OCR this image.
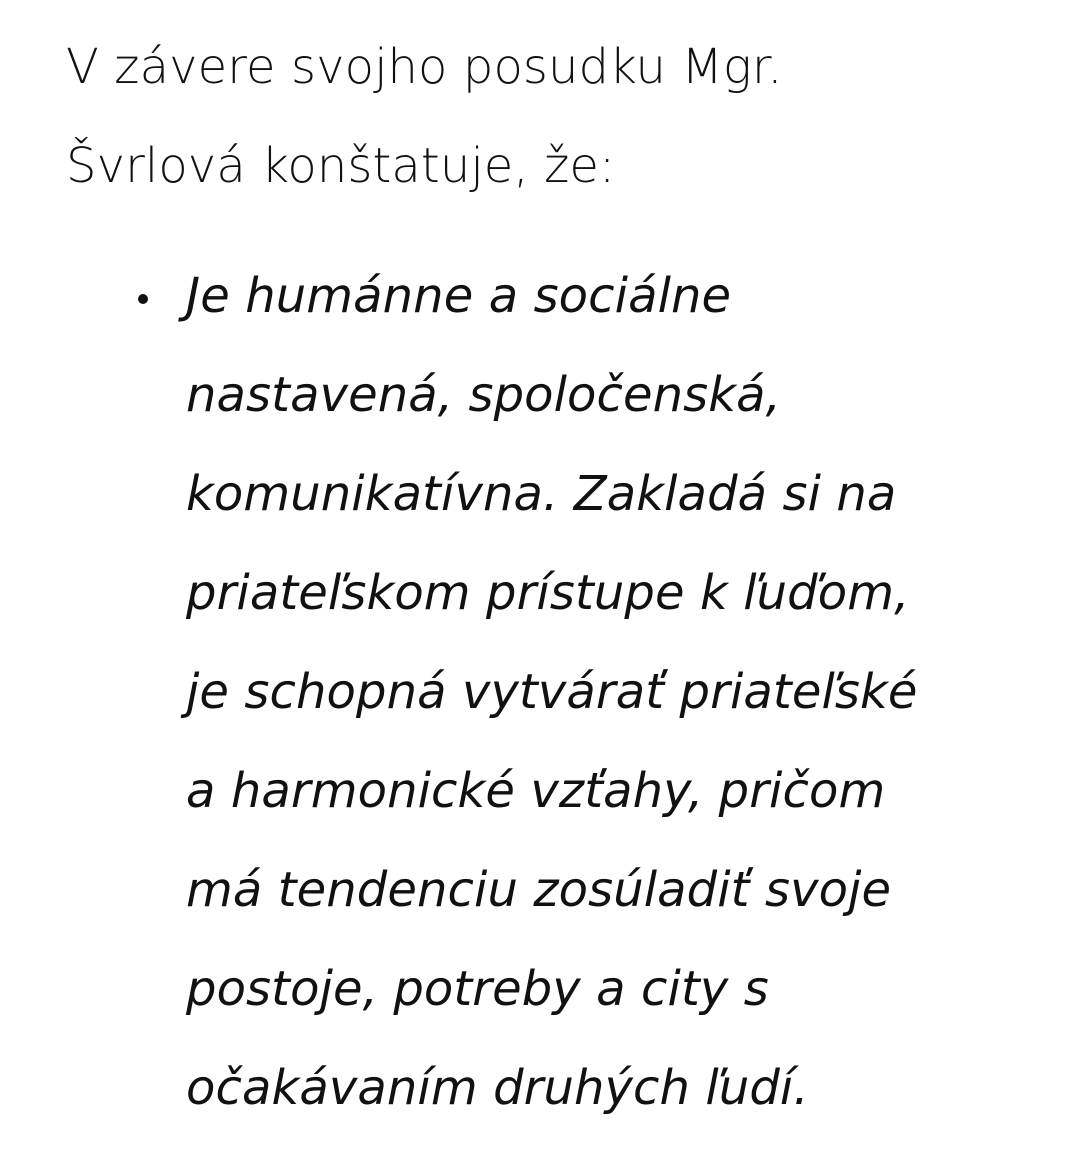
V závere svojho posudku Mgr.
Švrlová konštatuje, že:

Je humánne a sociálne
nastavená, spoločenská,
komunikatívna. Zakladá si na
priateľskom prístupe k ľuďom,
je schopná vytvárať priateľské
a harmonické vzťahy, pričom
má tendenciu zosúladiť svoje
postoje, potreby a city s
očakávaním druhých ľudí.
